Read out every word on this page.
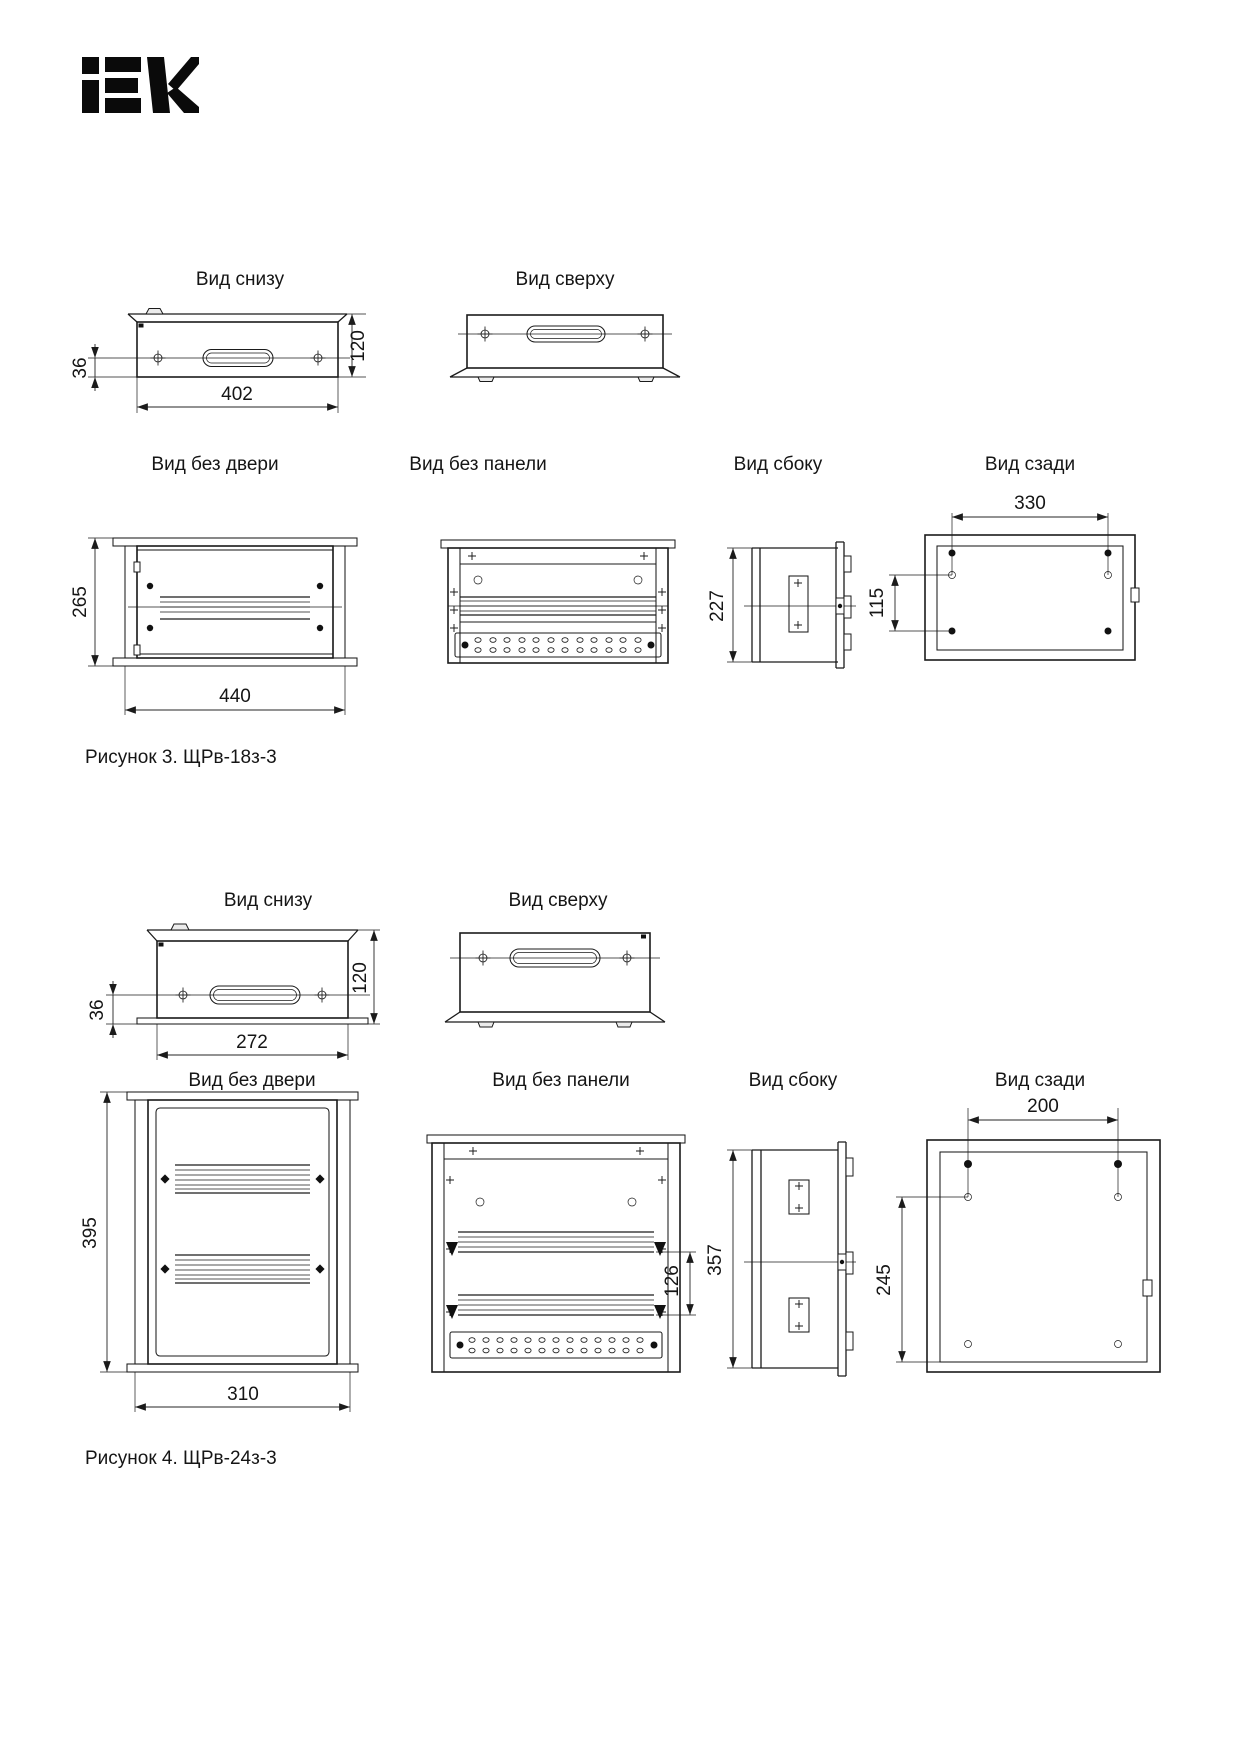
Вид снизу	Вид сверху
Вид без двери	Вид без панели	Вид сбоку	Вид сзади
36
120
402
265
440
227
330
115
Рисунок 3. ЩРв-18з-3
Вид снизу	Вид сверху
Вид без двери	Вид без панели	Вид сбоку	Вид сзади
36
120
272
395
310
126
357
200
245
Рисунок 4. ЩРв-24з-3
